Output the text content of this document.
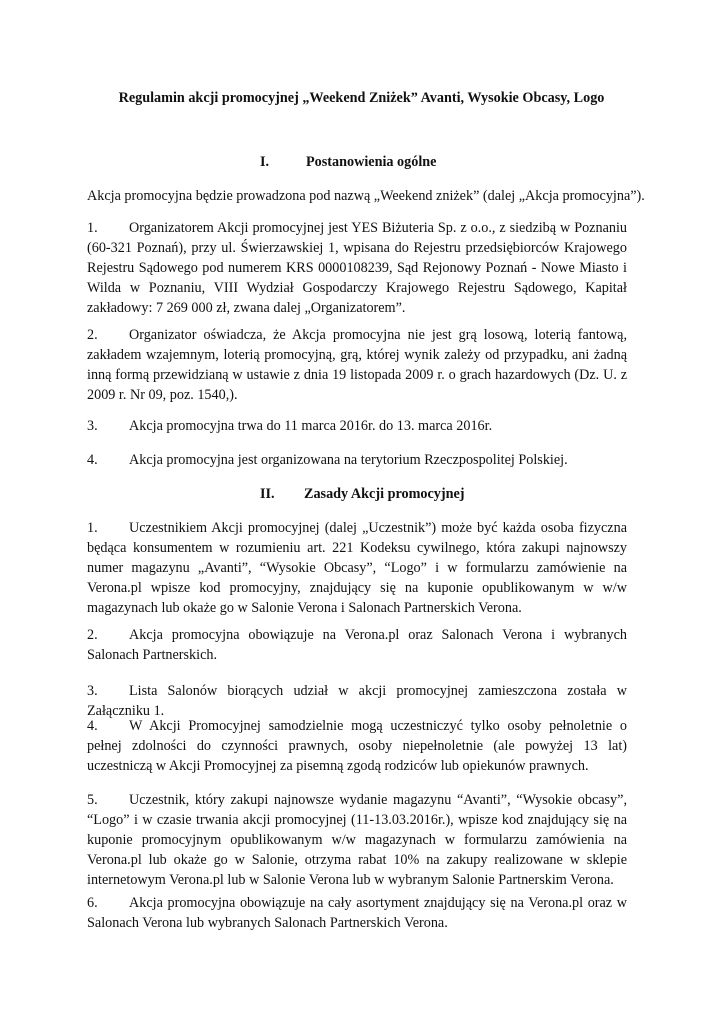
Regulamin akcji promocyjnej „Weekend Zniżek” Avanti, Wysokie Obcasy, Logo

I.	Postanowienia ogólne

Akcja promocyjna będzie prowadzona pod nazwą „Weekend zniżek” (dalej „Akcja promocyjna”).

1. Organizatorem Akcji promocyjnej jest YES Biżuteria Sp. z o.o., z siedzibą w Poznaniu (60-321 Poznań), przy ul. Świerzawskiej 1, wpisana do Rejestru przedsiębiorców Krajowego Rejestru Sądowego pod numerem KRS 0000108239, Sąd Rejonowy Poznań - Nowe Miasto i Wilda w Poznaniu, VIII Wydział Gospodarczy Krajowego Rejestru Sądowego, Kapitał zakładowy: 7 269 000 zł, zwana dalej „Organizatorem”.

2. Organizator oświadcza, że Akcja promocyjna nie jest grą losową, loterią fantową, zakładem wzajemnym, loterią promocyjną, grą, której wynik zależy od przypadku, ani żadną inną formą przewidzianą w ustawie z dnia 19 listopada 2009 r. o grach hazardowych (Dz. U. z 2009 r. Nr 09, poz. 1540,).

3. Akcja promocyjna trwa do 11 marca 2016r. do 13. marca 2016r.

4. Akcja promocyjna jest organizowana na terytorium Rzeczpospolitej Polskiej.

II. Zasady Akcji promocyjnej

1. Uczestnikiem Akcji promocyjnej (dalej „Uczestnik”) może być każda osoba fizyczna będąca konsumentem w rozumieniu art. 221 Kodeksu cywilnego, która zakupi najnowszy numer magazynu „Avanti”, “Wysokie Obcasy”, “Logo” i w formularzu zamówienie na Verona.pl wpisze kod promocyjny, znajdujący się na kuponie opublikowanym w w/w magazynach lub okaże go w Salonie Verona i Salonach Partnerskich Verona.

2. Akcja promocyjna obowiązuje na Verona.pl oraz Salonach Verona i wybranych Salonach Partnerskich.

3. Lista Salonów biorących udział w akcji promocyjnej zamieszczona została w Załączniku 1.

4. W Akcji Promocyjnej samodzielnie mogą uczestniczyć tylko osoby pełnoletnie o pełnej zdolności do czynności prawnych, osoby niepełnoletnie (ale powyżej 13 lat) uczestniczą w Akcji Promocyjnej za pisemną zgodą rodziców lub opiekunów prawnych.

5. Uczestnik, który zakupi najnowsze wydanie magazynu “Avanti”, “Wysokie obcasy”, “Logo” i w czasie trwania akcji promocyjnej (11-13.03.2016r.), wpisze kod znajdujący się na kuponie promocyjnym opublikowanym w/w magazynach w formularzu zamówienia na Verona.pl lub okaże go w Salonie, otrzyma rabat 10% na zakupy realizowane w sklepie internetowym Verona.pl lub w Salonie Verona lub w wybranym Salonie Partnerskim Verona.

6. Akcja promocyjna obowiązuje na cały asortyment znajdujący się na Verona.pl oraz w Salonach Verona lub wybranych Salonach Partnerskich Verona.
